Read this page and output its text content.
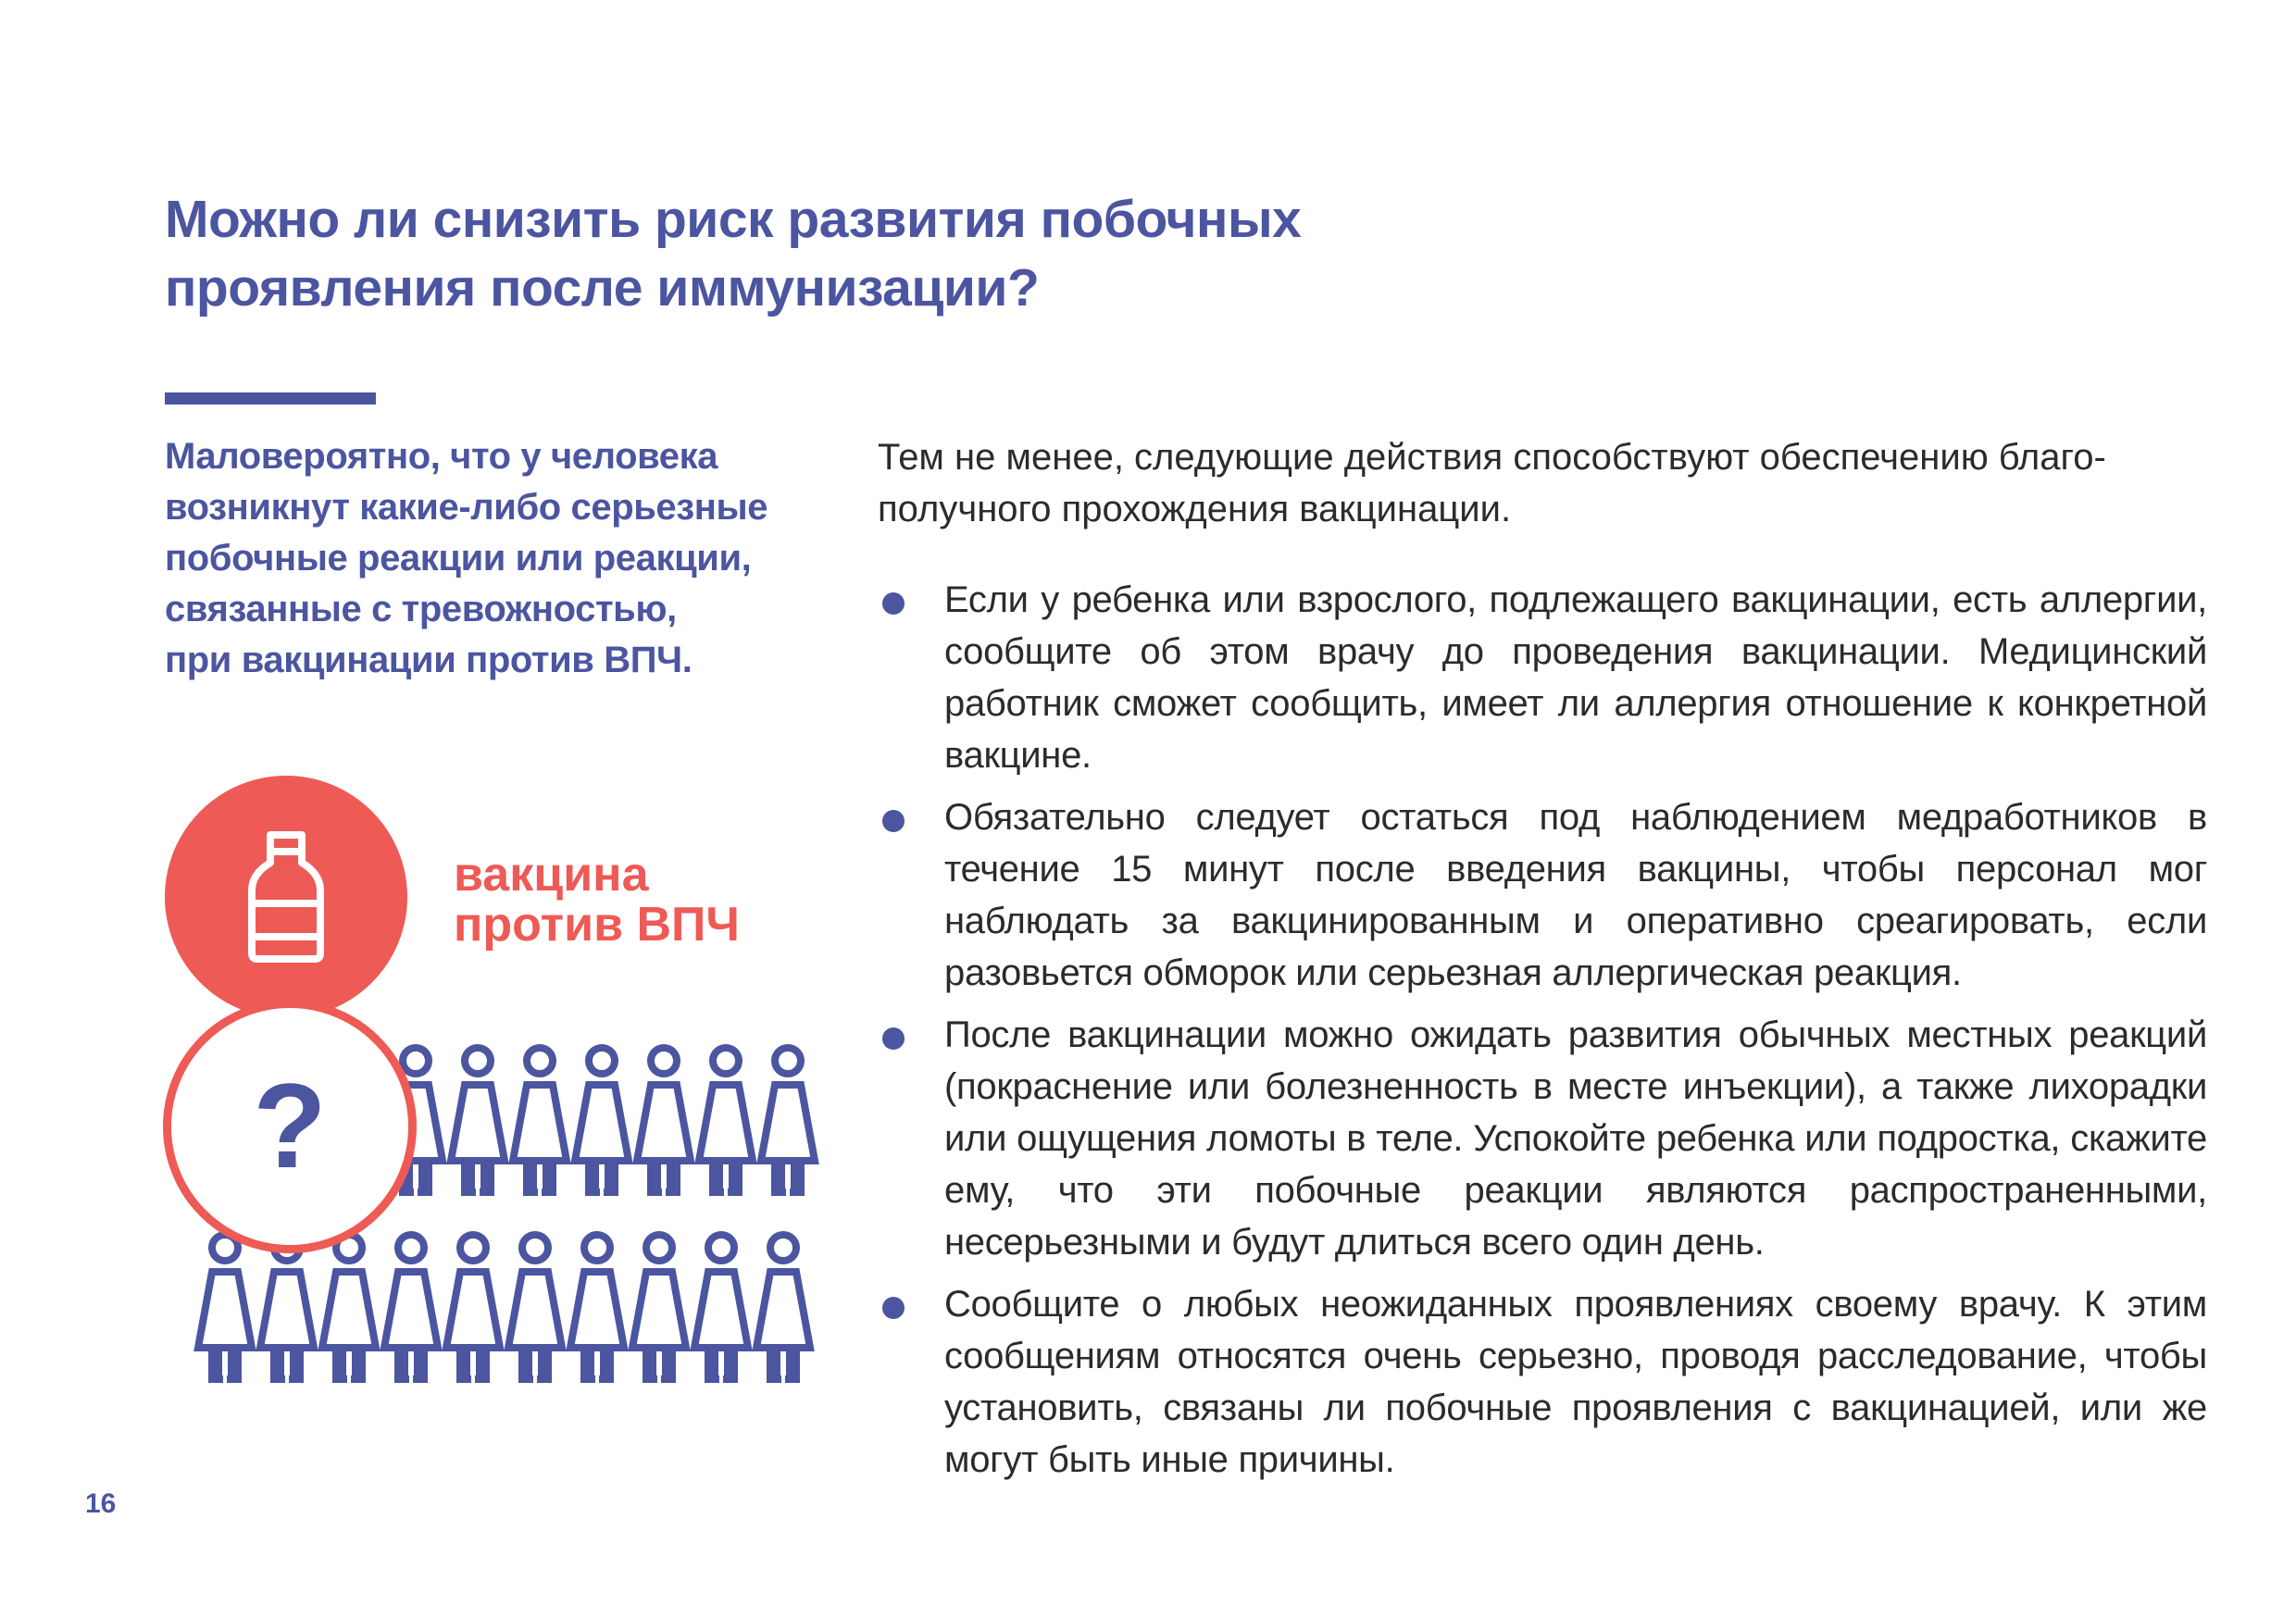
Можно ли снизить риск развития побочных
проявления после иммунизации?
Маловероятно, что у человека
возникнут какие-либо серьезные
побочные реакции или реакции,
связанные с тревожностью,
при вакцинации против ВПЧ.
Тем не менее, следующие действия способствуют обеспечению благо-
получного прохождения вакцинации.
Если у ребенка или взрослого, подлежащего вакцинации, есть аллергии, сообщите об этом врачу до проведения вакцинации. Медицинский работник сможет сообщить, имеет ли аллергия отношение к конкретной вакцине.
Обязательно следует остаться под наблюдением медработников в течение 15 минут после введения вакцины, чтобы персонал мог наблюдать за вакцинированным и оперативно среагировать, если разовьется обморок или серьезная аллергическая реакция.
После вакцинации можно ожидать развития обычных местных реакций (покраснение или болезненность в месте инъекции), а также лихорадки или ощущения ломоты в теле. Успокойте ребенка или подростка, скажите ему, что эти побочные реакции являются распространенными, несерьезными и будут длиться всего один день.
Сообщите о любых неожиданных проявлениях своему врачу. К этим сообщениям относятся очень серьезно, проводя расследование, чтобы установить, связаны ли побочные проявления с вакцинацией, или же могут быть иные причины.
вакцина
против ВПЧ
?
16
